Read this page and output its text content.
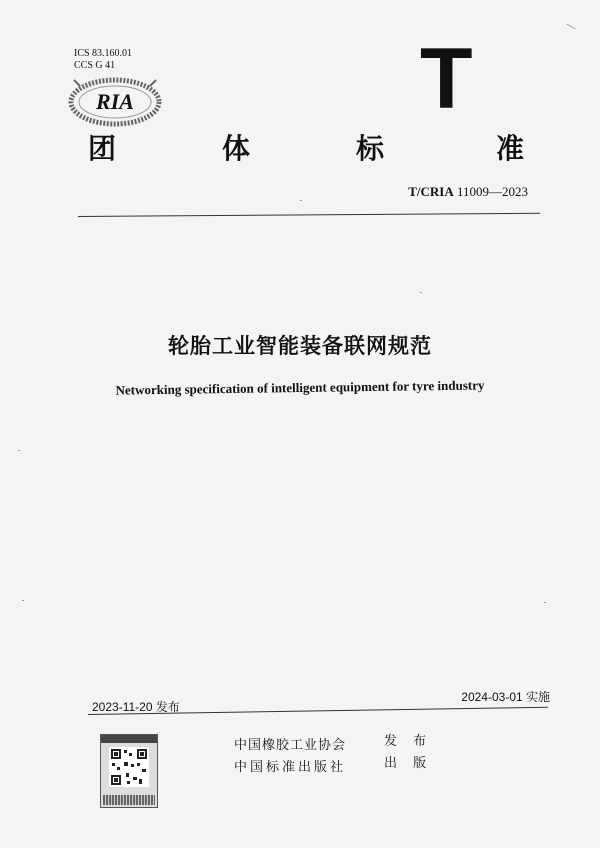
ICS 83.160.01
CCS G 41
RIA	T
团	体	标	准
T/CRIA 11009—2023
轮胎工业智能装备联网规范
Networking specification of intelligent equipment for tyre industry
2023-11-20 发布
2024-03-01 实施
中国橡胶工业协会	发 布
中国标准出版社	出 版
